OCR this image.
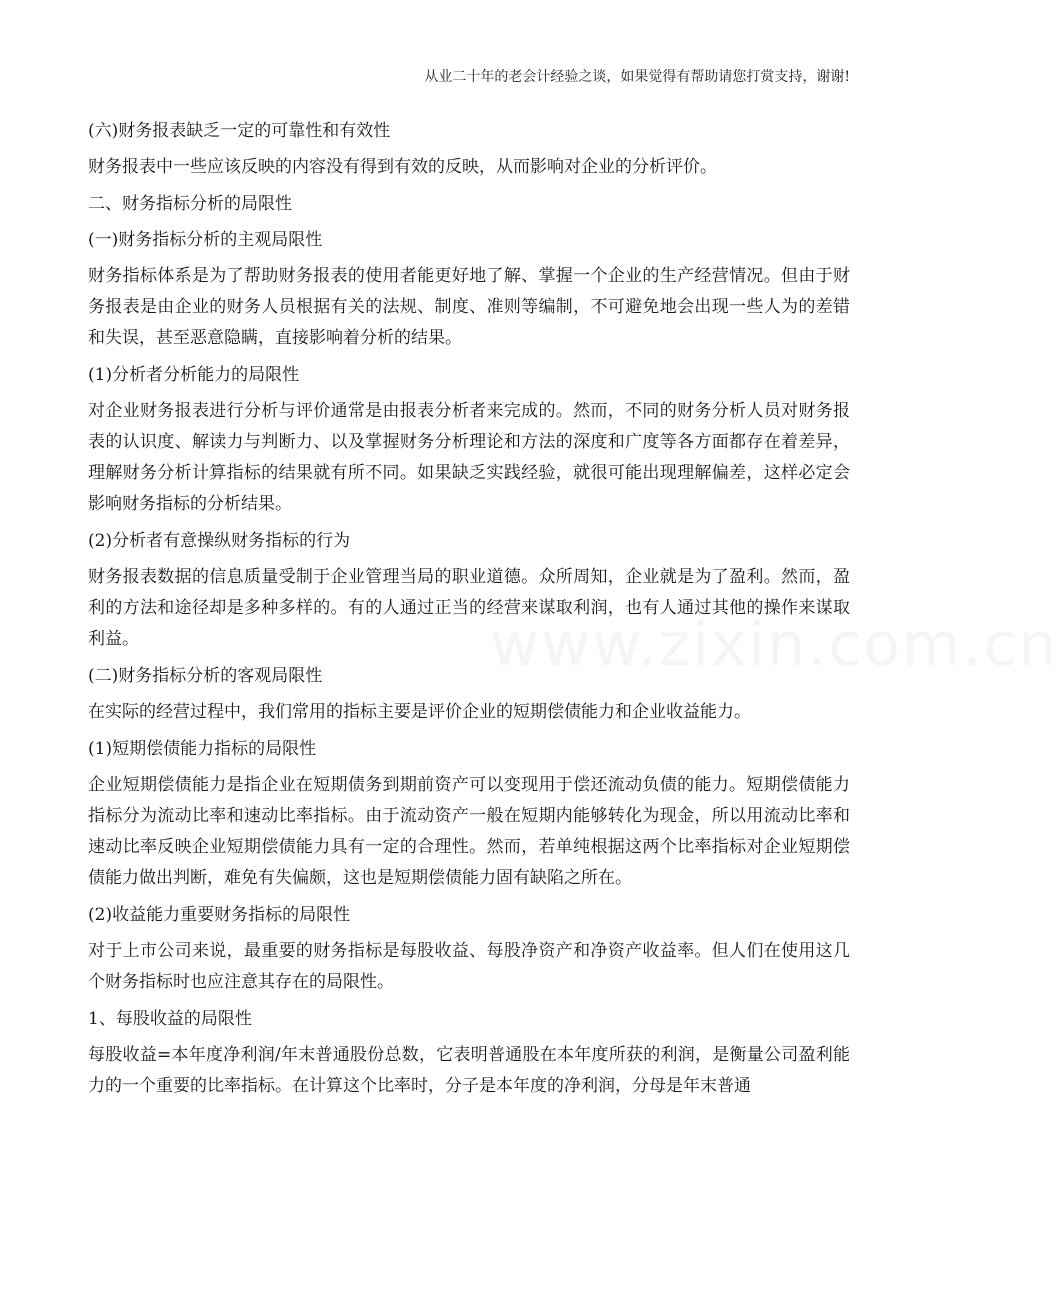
从业二十年的老会计经验之谈，如果觉得有帮助请您打赏支持，谢谢!
www.zixin.com.cn
(六)财务报表缺乏一定的可靠性和有效性
财务报表中一些应该反映的内容没有得到有效的反映，从而影响对企业的分析评价。
二、财务指标分析的局限性
(一)财务指标分析的主观局限性
财务指标体系是为了帮助财务报表的使用者能更好地了解、掌握一个企业的生产经营情况。但由于财务报表是由企业的财务人员根据有关的法规、制度、准则等编制，不可避免地会出现一些人为的差错和失误，甚至恶意隐瞒，直接影响着分析的结果。
(1)分析者分析能力的局限性
对企业财务报表进行分析与评价通常是由报表分析者来完成的。然而，不同的财务分析人员对财务报表的认识度、解读力与判断力、以及掌握财务分析理论和方法的深度和广度等各方面都存在着差异，理解财务分析计算指标的结果就有所不同。如果缺乏实践经验，就很可能出现理解偏差，这样必定会影响财务指标的分析结果。
(2)分析者有意操纵财务指标的行为
财务报表数据的信息质量受制于企业管理当局的职业道德。众所周知，企业就是为了盈利。然而，盈利的方法和途径却是多种多样的。有的人通过正当的经营来谋取利润，也有人通过其他的操作来谋取利益。
(二)财务指标分析的客观局限性
在实际的经营过程中，我们常用的指标主要是评价企业的短期偿债能力和企业收益能力。
(1)短期偿债能力指标的局限性
企业短期偿债能力是指企业在短期债务到期前资产可以变现用于偿还流动负债的能力。短期偿债能力指标分为流动比率和速动比率指标。由于流动资产一般在短期内能够转化为现金，所以用流动比率和速动比率反映企业短期偿债能力具有一定的合理性。然而，若单纯根据这两个比率指标对企业短期偿债能力做出判断，难免有失偏颇，这也是短期偿债能力固有缺陷之所在。
(2)收益能力重要财务指标的局限性
对于上市公司来说，最重要的财务指标是每股收益、每股净资产和净资产收益率。但人们在使用这几个财务指标时也应注意其存在的局限性。
1、每股收益的局限性
每股收益=本年度净利润/年末普通股份总数，它表明普通股在本年度所获的利润，是衡量公司盈利能力的一个重要的比率指标。在计算这个比率时，分子是本年度的净利润，分母是年末普通
